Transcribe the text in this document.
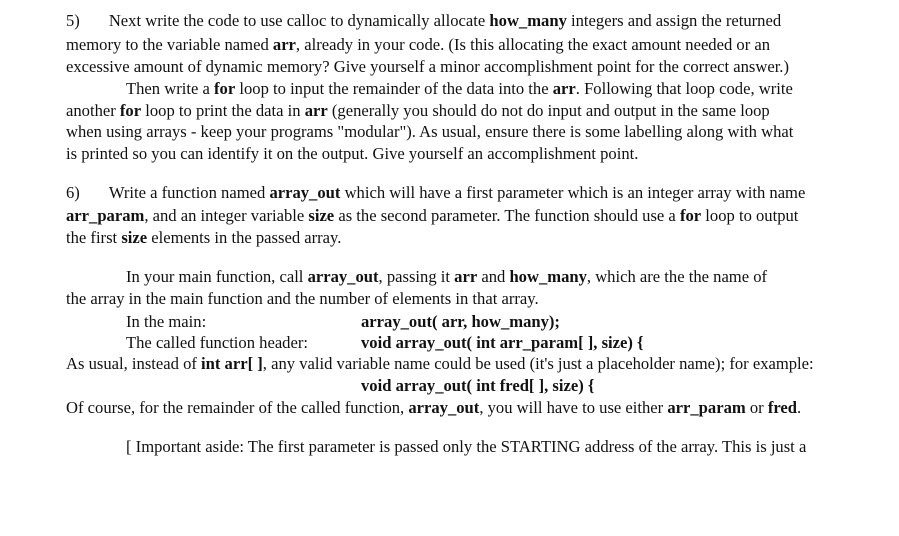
5) Next write the code to use calloc to dynamically allocate how_many integers and assign the returned
memory to the variable named arr, already in your code. (Is this allocating the exact amount needed or an
excessive amount of dynamic memory? Give yourself a minor accomplishment point for the correct answer.)
Then write a for loop to input the remainder of the data into the arr. Following that loop code, write
another for loop to print the data in arr (generally you should do not do input and output in the same loop
when using arrays - keep your programs "modular"). As usual, ensure there is some labelling along with what
is printed so you can identify it on the output. Give yourself an accomplishment point.
6) Write a function named array_out which will have a first parameter which is an integer array with name
arr_param, and an integer variable size as the second parameter. The function should use a for loop to output
the first size elements in the passed array.
In your main function, call array_out, passing it arr and how_many, which are the the name of
the array in the main function and the number of elements in that array.
In the main:	array_out( arr, how_many);
The called function header:	void array_out( int arr_param[ ], size) {
As usual, instead of int arr[ ], any valid variable name could be used (it's just a placeholder name); for example:
void array_out( int fred[ ], size) {
Of course, for the remainder of the called function, array_out, you will have to use either arr_param or fred.
[ Important aside: The first parameter is passed only the STARTING address of the array. This is just a
